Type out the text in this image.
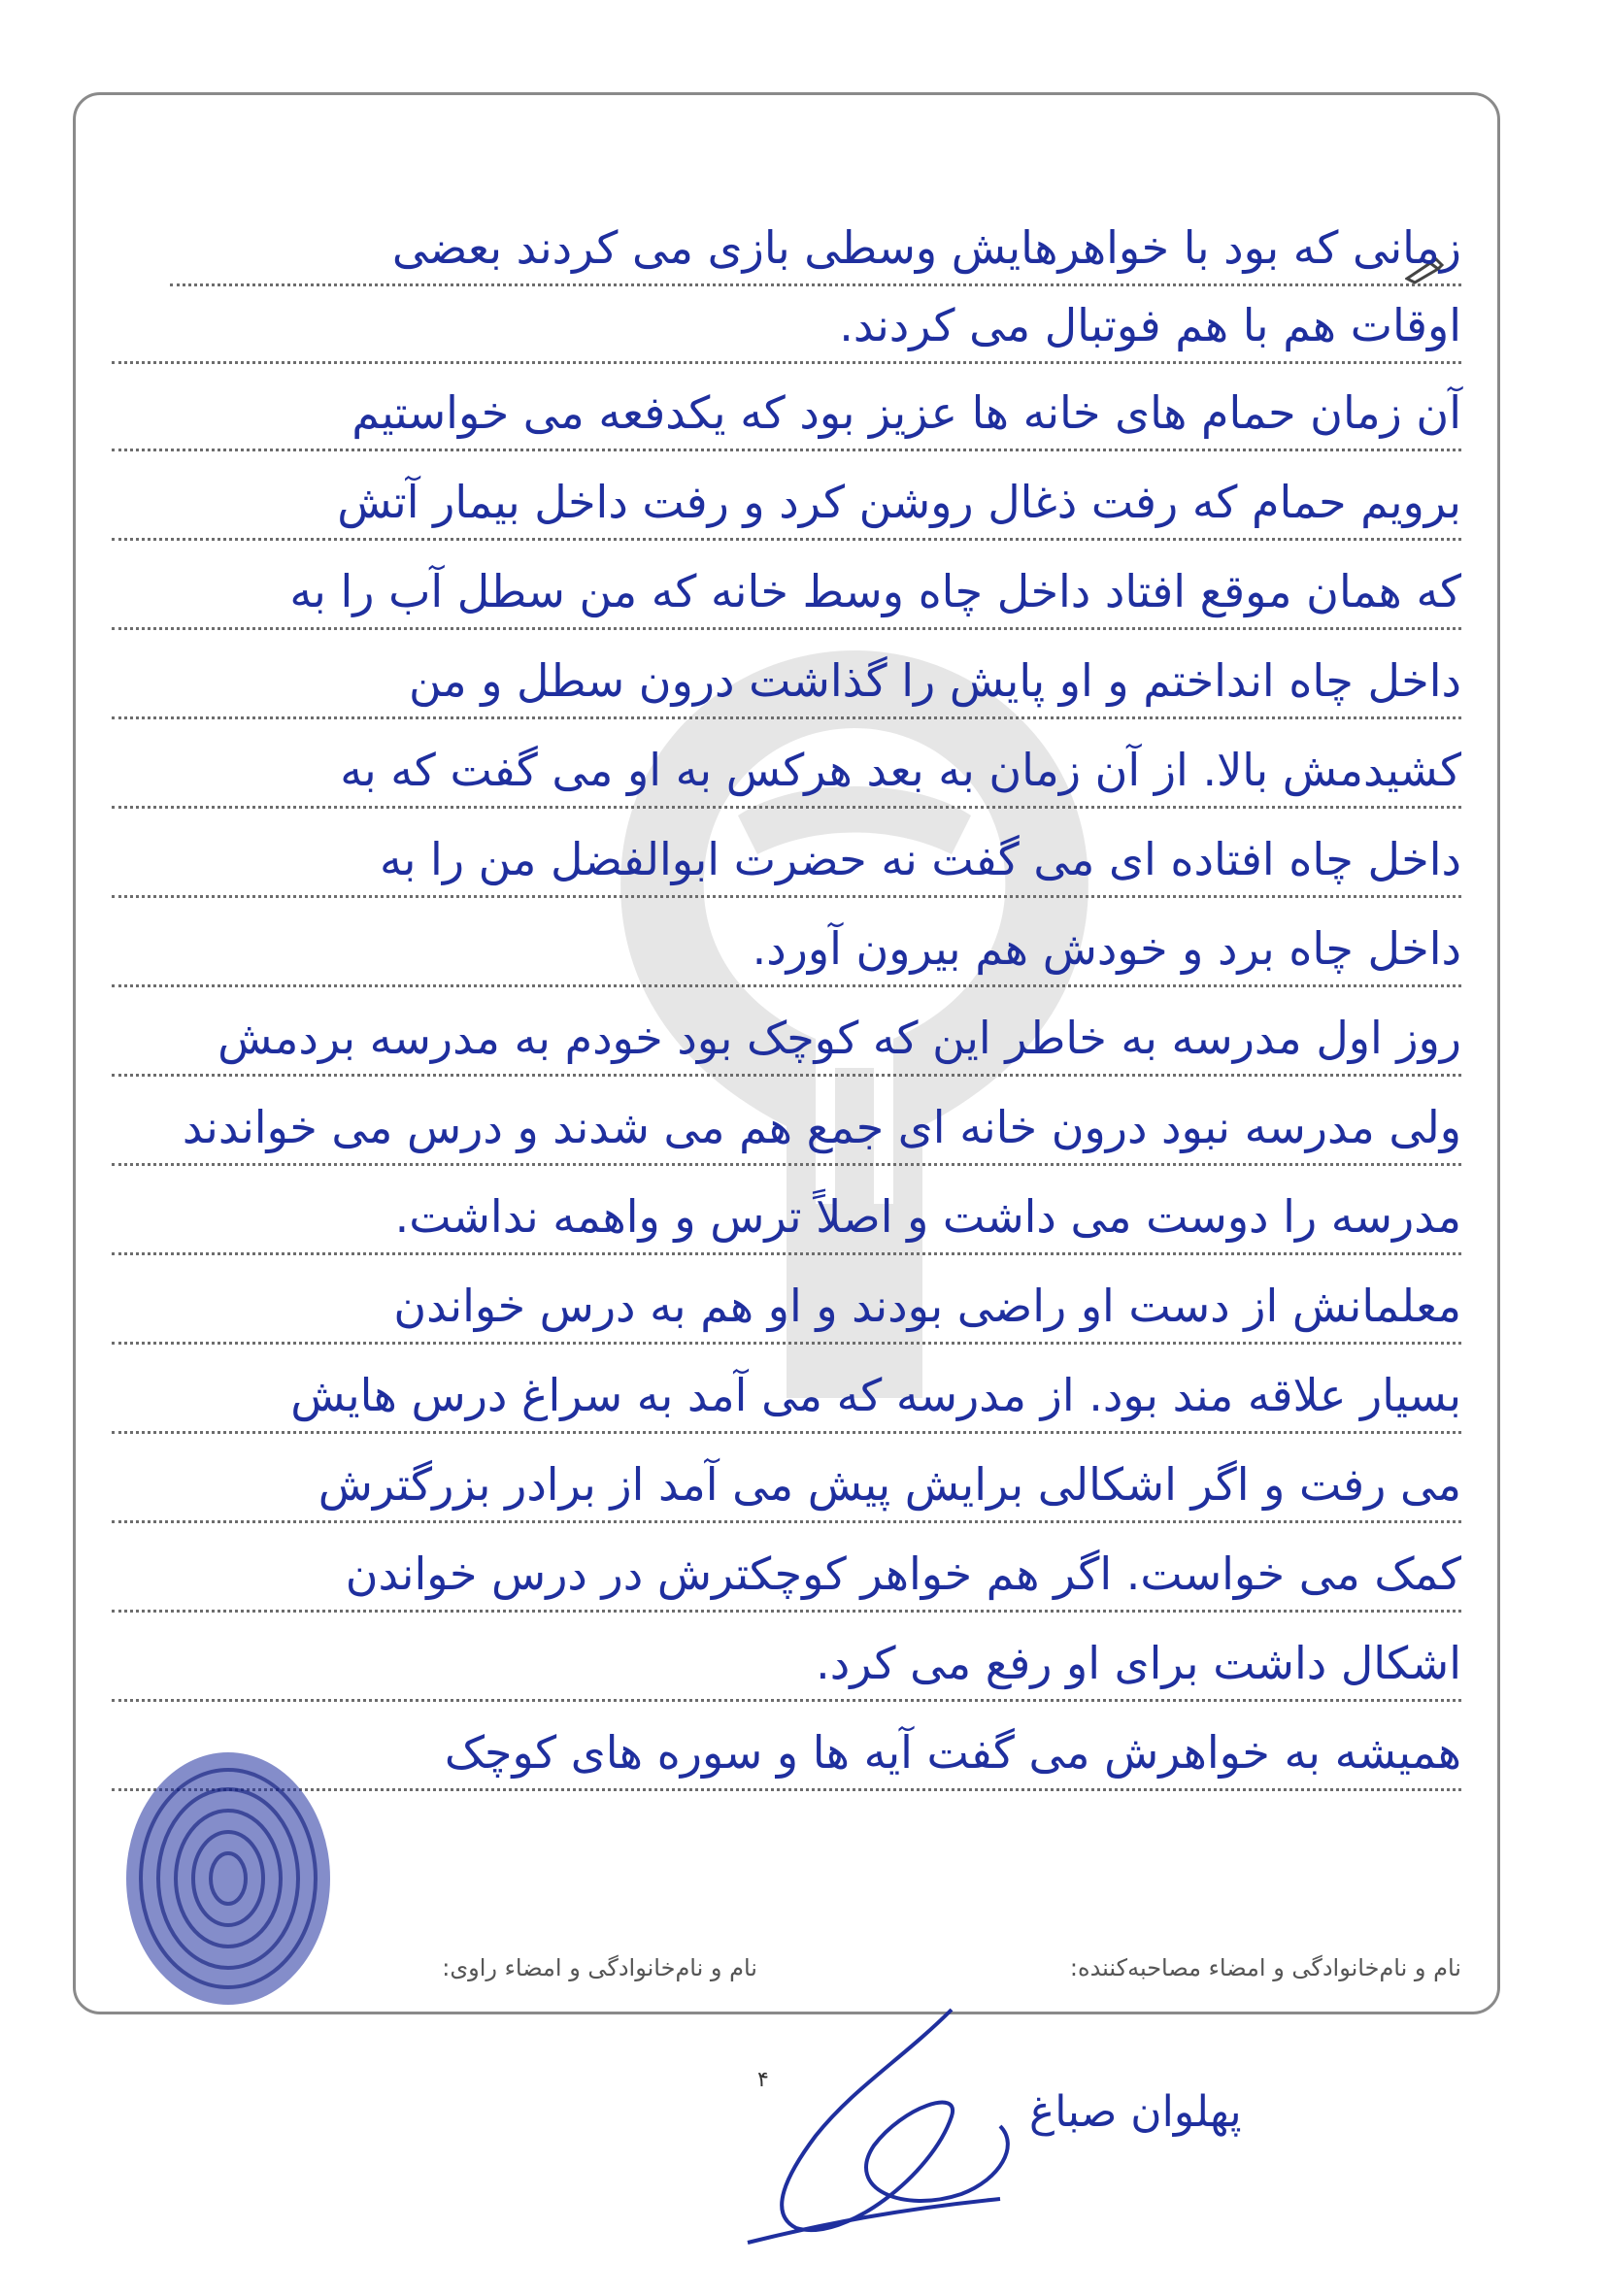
زمانی که بود با خواهرهایش وسطی بازی می کردند بعضی
اوقات هم با هم فوتبال می کردند.
آن زمان حمام های خانه ها عزیز بود که یکدفعه می خواستیم
برویم حمام که رفت ذغال روشن کرد و رفت داخل بیمار آتش
که همان موقع افتاد داخل چاه وسط خانه که من سطل آب را به
داخل چاه انداختم و او پایش را گذاشت درون سطل و من
کشیدمش بالا. از آن زمان به بعد هرکس به او می گفت که به
داخل چاه افتاده ای می گفت نه حضرت ابوالفضل من را به
داخل چاه برد و خودش هم بیرون آورد.
روز اول مدرسه به خاطر این که کوچک بود خودم به مدرسه بردمش
ولی مدرسه نبود درون خانه ای جمع هم می شدند و درس می خواندند
مدرسه را دوست می داشت و اصلاً ترس و واهمه نداشت.
معلمانش از دست او راضی بودند و او هم به درس خواندن
بسیار علاقه مند بود. از مدرسه که می آمد به سراغ درس هایش
می رفت و اگر اشکالی برایش پیش می آمد از برادر بزرگترش
کمک می خواست. اگر هم خواهر کوچکترش در درس خواندن
اشکال داشت برای او رفع می کرد.
همیشه به خواهرش می گفت آیه ها و سوره های کوچک
نام و نام‌خانوادگی و امضاء مصاحبه‌کننده:
نام و نام‌خانوادگی و امضاء راوی:
۴
پهلوان صباغ
